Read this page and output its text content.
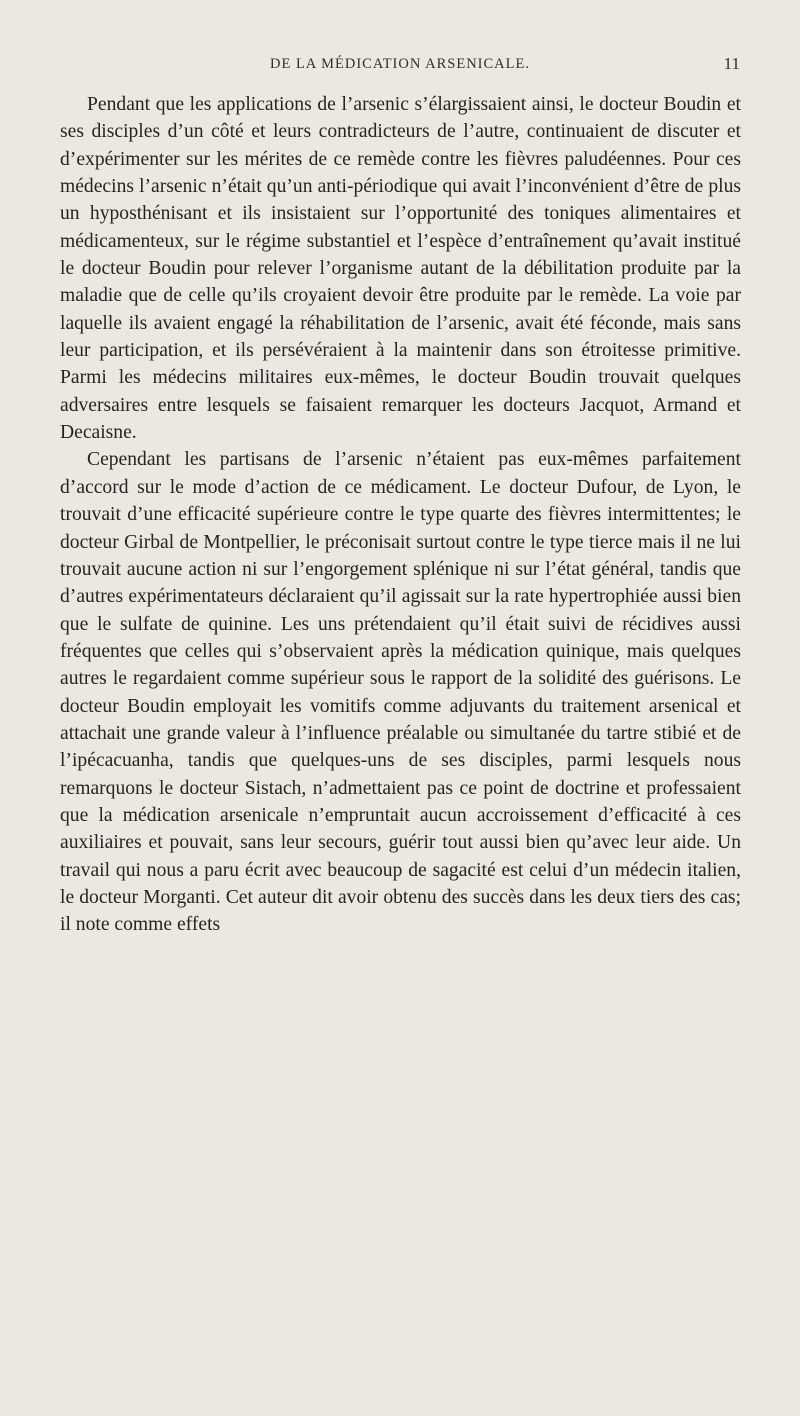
DE LA MÉDICATION ARSENICALE.	11

Pendant que les applications de l’arsenic s’élargissaient ainsi, le docteur Boudin et ses disciples d’un côté et leurs contradicteurs de l’autre, continuaient de discuter et d’expérimenter sur les mérites de ce remède contre les fièvres paludéennes. Pour ces médecins l’arsenic n’était qu’un anti-périodique qui avait l’inconvénient d’être de plus un hyposthénisant et ils insistaient sur l’opportunité des toniques alimentaires et médicamenteux, sur le régime substantiel et l’espèce d’entraînement qu’avait institué le docteur Boudin pour relever l’organisme autant de la débilitation produite par la maladie que de celle qu’ils croyaient devoir être produite par le remède. La voie par laquelle ils avaient engagé la réhabilitation de l’arsenic, avait été féconde, mais sans leur participation, et ils persévéraient à la maintenir dans son étroitesse primitive. Parmi les médecins militaires eux-mêmes, le docteur Boudin trouvait quelques adversaires entre lesquels se faisaient remarquer les docteurs Jacquot, Armand et Decaisne.

Cependant les partisans de l’arsenic n’étaient pas eux-mêmes parfaitement d’accord sur le mode d’action de ce médicament. Le docteur Dufour, de Lyon, le trouvait d’une efficacité supérieure contre le type quarte des fièvres intermittentes; le docteur Girbal de Montpellier, le préconisait surtout contre le type tierce mais il ne lui trouvait aucune action ni sur l’engorgement splénique ni sur l’état général, tandis que d’autres expérimentateurs déclaraient qu’il agissait sur la rate hypertrophiée aussi bien que le sulfate de quinine. Les uns prétendaient qu’il était suivi de récidives aussi fréquentes que celles qui s’observaient après la médication quinique, mais quelques autres le regardaient comme supérieur sous le rapport de la solidité des guérisons. Le docteur Boudin employait les vomitifs comme adjuvants du traitement arsenical et attachait une grande valeur à l’influence préalable ou simultanée du tartre stibié et de l’ipécacuanha, tandis que quelques-uns de ses disciples, parmi lesquels nous remarquons le docteur Sistach, n’admettaient pas ce point de doctrine et professaient que la médication arsenicale n’empruntait aucun accroissement d’efficacité à ces auxiliaires et pouvait, sans leur secours, guérir tout aussi bien qu’avec leur aide. Un travail qui nous a paru écrit avec beaucoup de sagacité est celui d’un médecin italien, le docteur Morganti. Cet auteur dit avoir obtenu des succès dans les deux tiers des cas; il note comme effets
